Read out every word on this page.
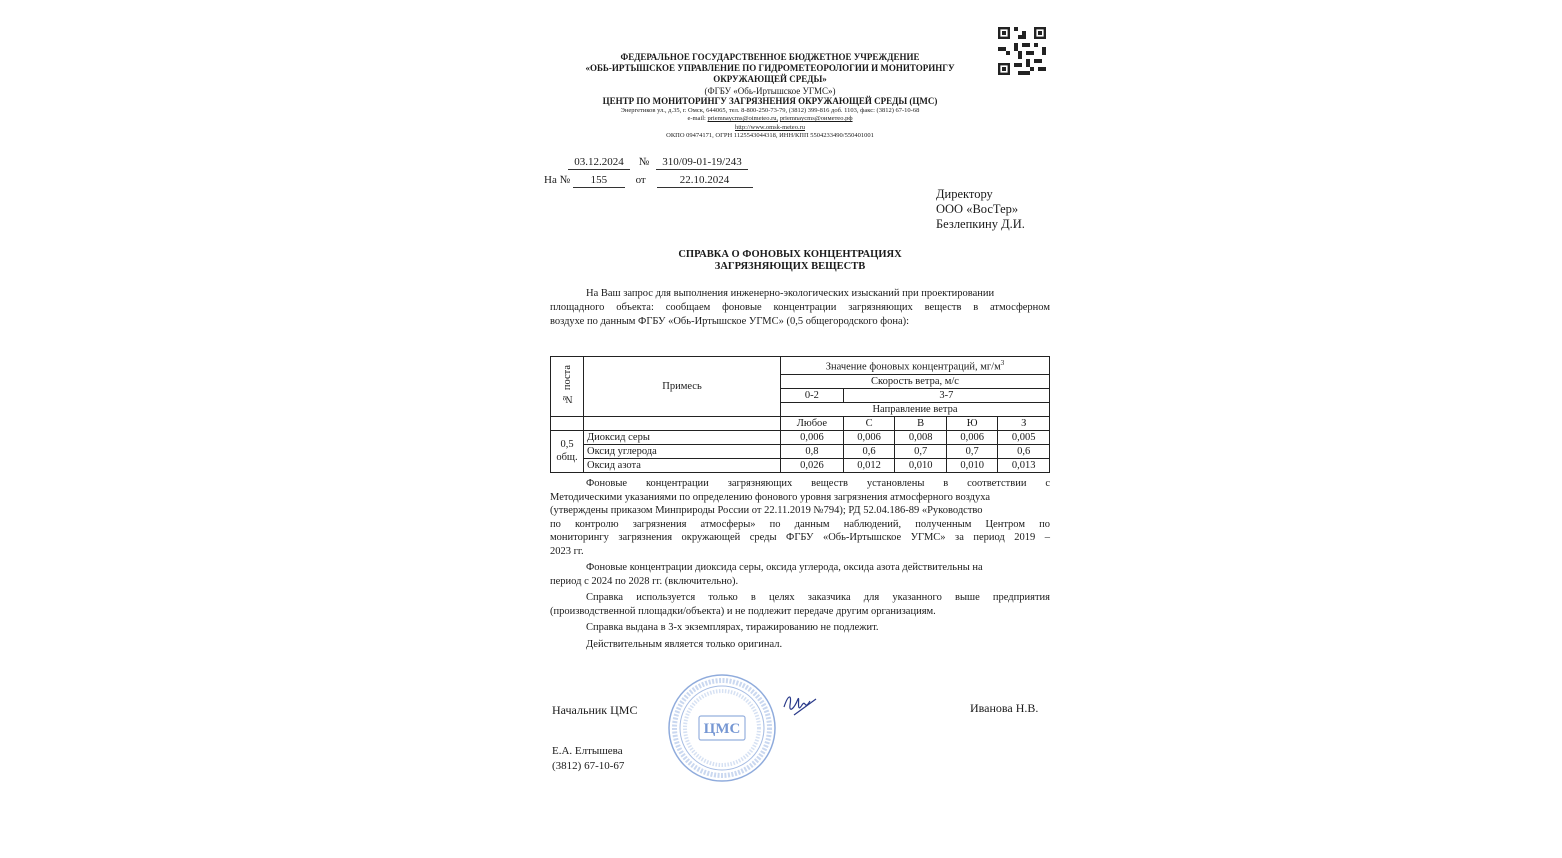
ФЕДЕРАЛЬНОЕ ГОСУДАРСТВЕННОЕ БЮДЖЕТНОЕ УЧРЕЖДЕНИЕ
«ОБЬ-ИРТЫШСКОЕ УПРАВЛЕНИЕ ПО ГИДРОМЕТЕОРОЛОГИИ И МОНИТОРИНГУ
ОКРУЖАЮЩЕЙ СРЕДЫ»
(ФГБУ «Обь-Иртышское УГМС»)
ЦЕНТР ПО МОНИТОРИНГУ ЗАГРЯЗНЕНИЯ ОКРУЖАЮЩЕЙ СРЕДЫ (ЦМС)
Энергетиков ул., д.35, г. Омск, 644065, тел. 8-800-250-73-79, (3812) 399-816 доб. 1103, факс: (3812) 67-10-68
e-mail: priemnaycms@oimeteo.ru, priemnaycms@оиметео.рф
http://www.omsk-meteo.ru
ОКПО 09474171, ОГРН 1125543044318, ИНН/КПП 5504233490/550401001
03.12.2024 № 310/09-01-19/243
На № 155	от	22.10.2024
Директору
ООО «ВосТер»
Безлепкину Д.И.
СПРАВКА О ФОНОВЫХ КОНЦЕНТРАЦИЯХ
ЗАГРЯЗНЯЮЩИХ ВЕЩЕСТВ
На Ваш запрос для выполнения инженерно-экологических изысканий при проектировании
площадного объекта: сообщаем фоновые концентрации загрязняющих веществ в атмосферном
воздухе по данным ФГБУ «Обь-Иртышское УГМС» (0,5 общегородского фона):
№ поста	Примесь	Значение фоновых концентраций, $мг/м^3$
		Скорость ветра, м/с				
		0-2	3-7			
		Направление ветра				
		Любое	С	В	Ю	З
0,5 общ.	Диоксид серы	0,006	0,006	0,008	0,006	0,005
	Оксид углерода	0,8	0,6	0,7	0,7	0,6
	Оксид азота	0,026	0,012	0,010	0,010	0,013
Фоновые концентрации загрязняющих веществ установлены в соответствии с
Методическими указаниями по определению фонового уровня загрязнения атмосферного воздуха
(утверждены приказом Минприроды России от 22.11.2019 №794); РД 52.04.186-89 «Руководство
по контролю загрязнения атмосферы» по данным наблюдений, полученным Центром по
мониторингу загрязнения окружающей среды ФГБУ «Обь-Иртышское УГМС» за период 2019 –
2023 гг.
Фоновые концентрации диоксида серы, оксида углерода, оксида азота действительны на
период с 2024 по 2028 гг. (включительно).
Справка используется только в целях заказчика для указанного выше предприятия
(производственной площадки/объекта) и не подлежит передаче другим организациям.
Справка выдана в 3-х экземплярах, тиражированию не подлежит.
Действительным является только оригинал.
Начальник ЦМС	Иванова Н.В.
ЦМС
Е.А. Елтышева
(3812) 67-10-67
